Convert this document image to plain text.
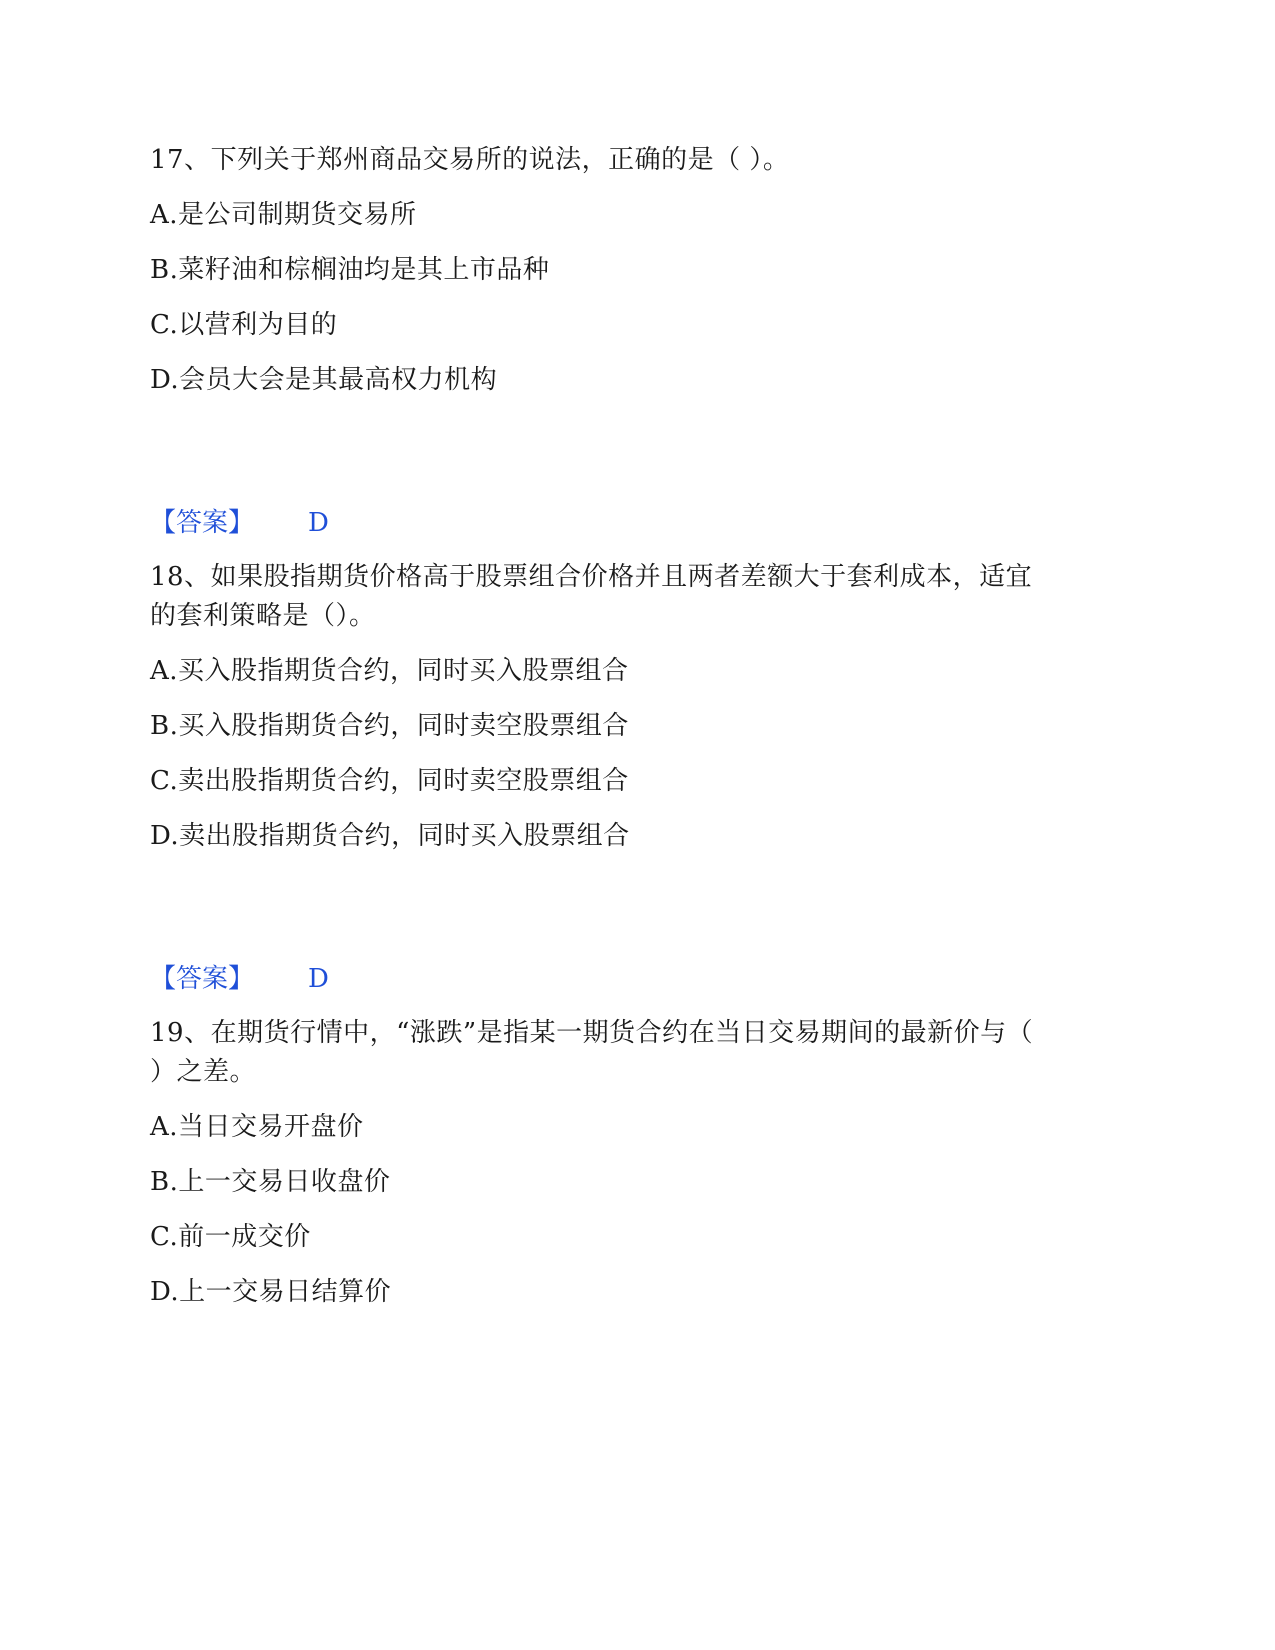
17、下列关于郑州商品交易所的说法，正确的是（ ）。
A.是公司制期货交易所
B.菜籽油和棕榈油均是其上市品种
C.以营利为目的
D.会员大会是其最高权力机构
【答案】 D
18、如果股指期货价格高于股票组合价格并且两者差额大于套利成本，适宜
的套利策略是（）。
A.买入股指期货合约，同时买入股票组合
B.买入股指期货合约，同时卖空股票组合
C.卖出股指期货合约，同时卖空股票组合
D.卖出股指期货合约，同时买入股票组合
【答案】 D
19、在期货行情中，“涨跌”是指某一期货合约在当日交易期间的最新价与（
）之差。
A.当日交易开盘价
B.上一交易日收盘价
C.前一成交价
D.上一交易日结算价
